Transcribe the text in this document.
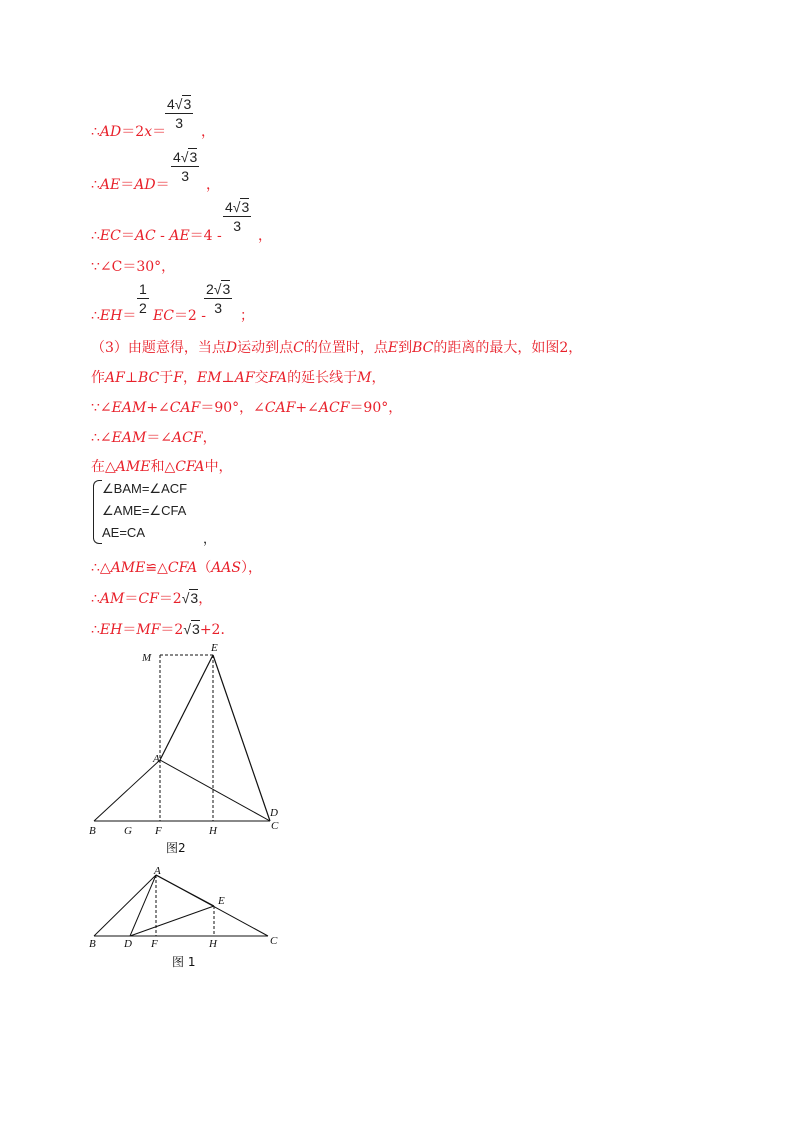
$\frac{4√3}{3}$
∴AD＝2x＝ ，
$\frac{4√3}{3}$
∴AE＝AD＝	，
$\frac{4√3}{3}$
∴EC＝AC - AE＝4 -	，
∵∠C＝30°，
$\frac{1}{2}$	$\frac{2√3}{3}$
∴EH＝ EC＝2 - ；
（3）由题意得，当点D运动到点C的位置时，点E到BC的距离的最大，如图2，
作AF⊥BC于F，EM⊥AF交FA的延长线于M，
∵∠EAM+∠CAF＝90°，∠CAF+∠ACF＝90°，
∴∠EAM＝∠ACF，
在△AME和△CFA中，
∠BAM=∠ACF
∠AME=∠CFA
AE=CA	，
∴△AME≌△CFA（AAS），
∴AM＝CF＝2√3，
∴EH＝MF＝2√3+2．
M
E
A
D
B	G F	H	C
图2
A
E
B	D F	H	C
图 1
